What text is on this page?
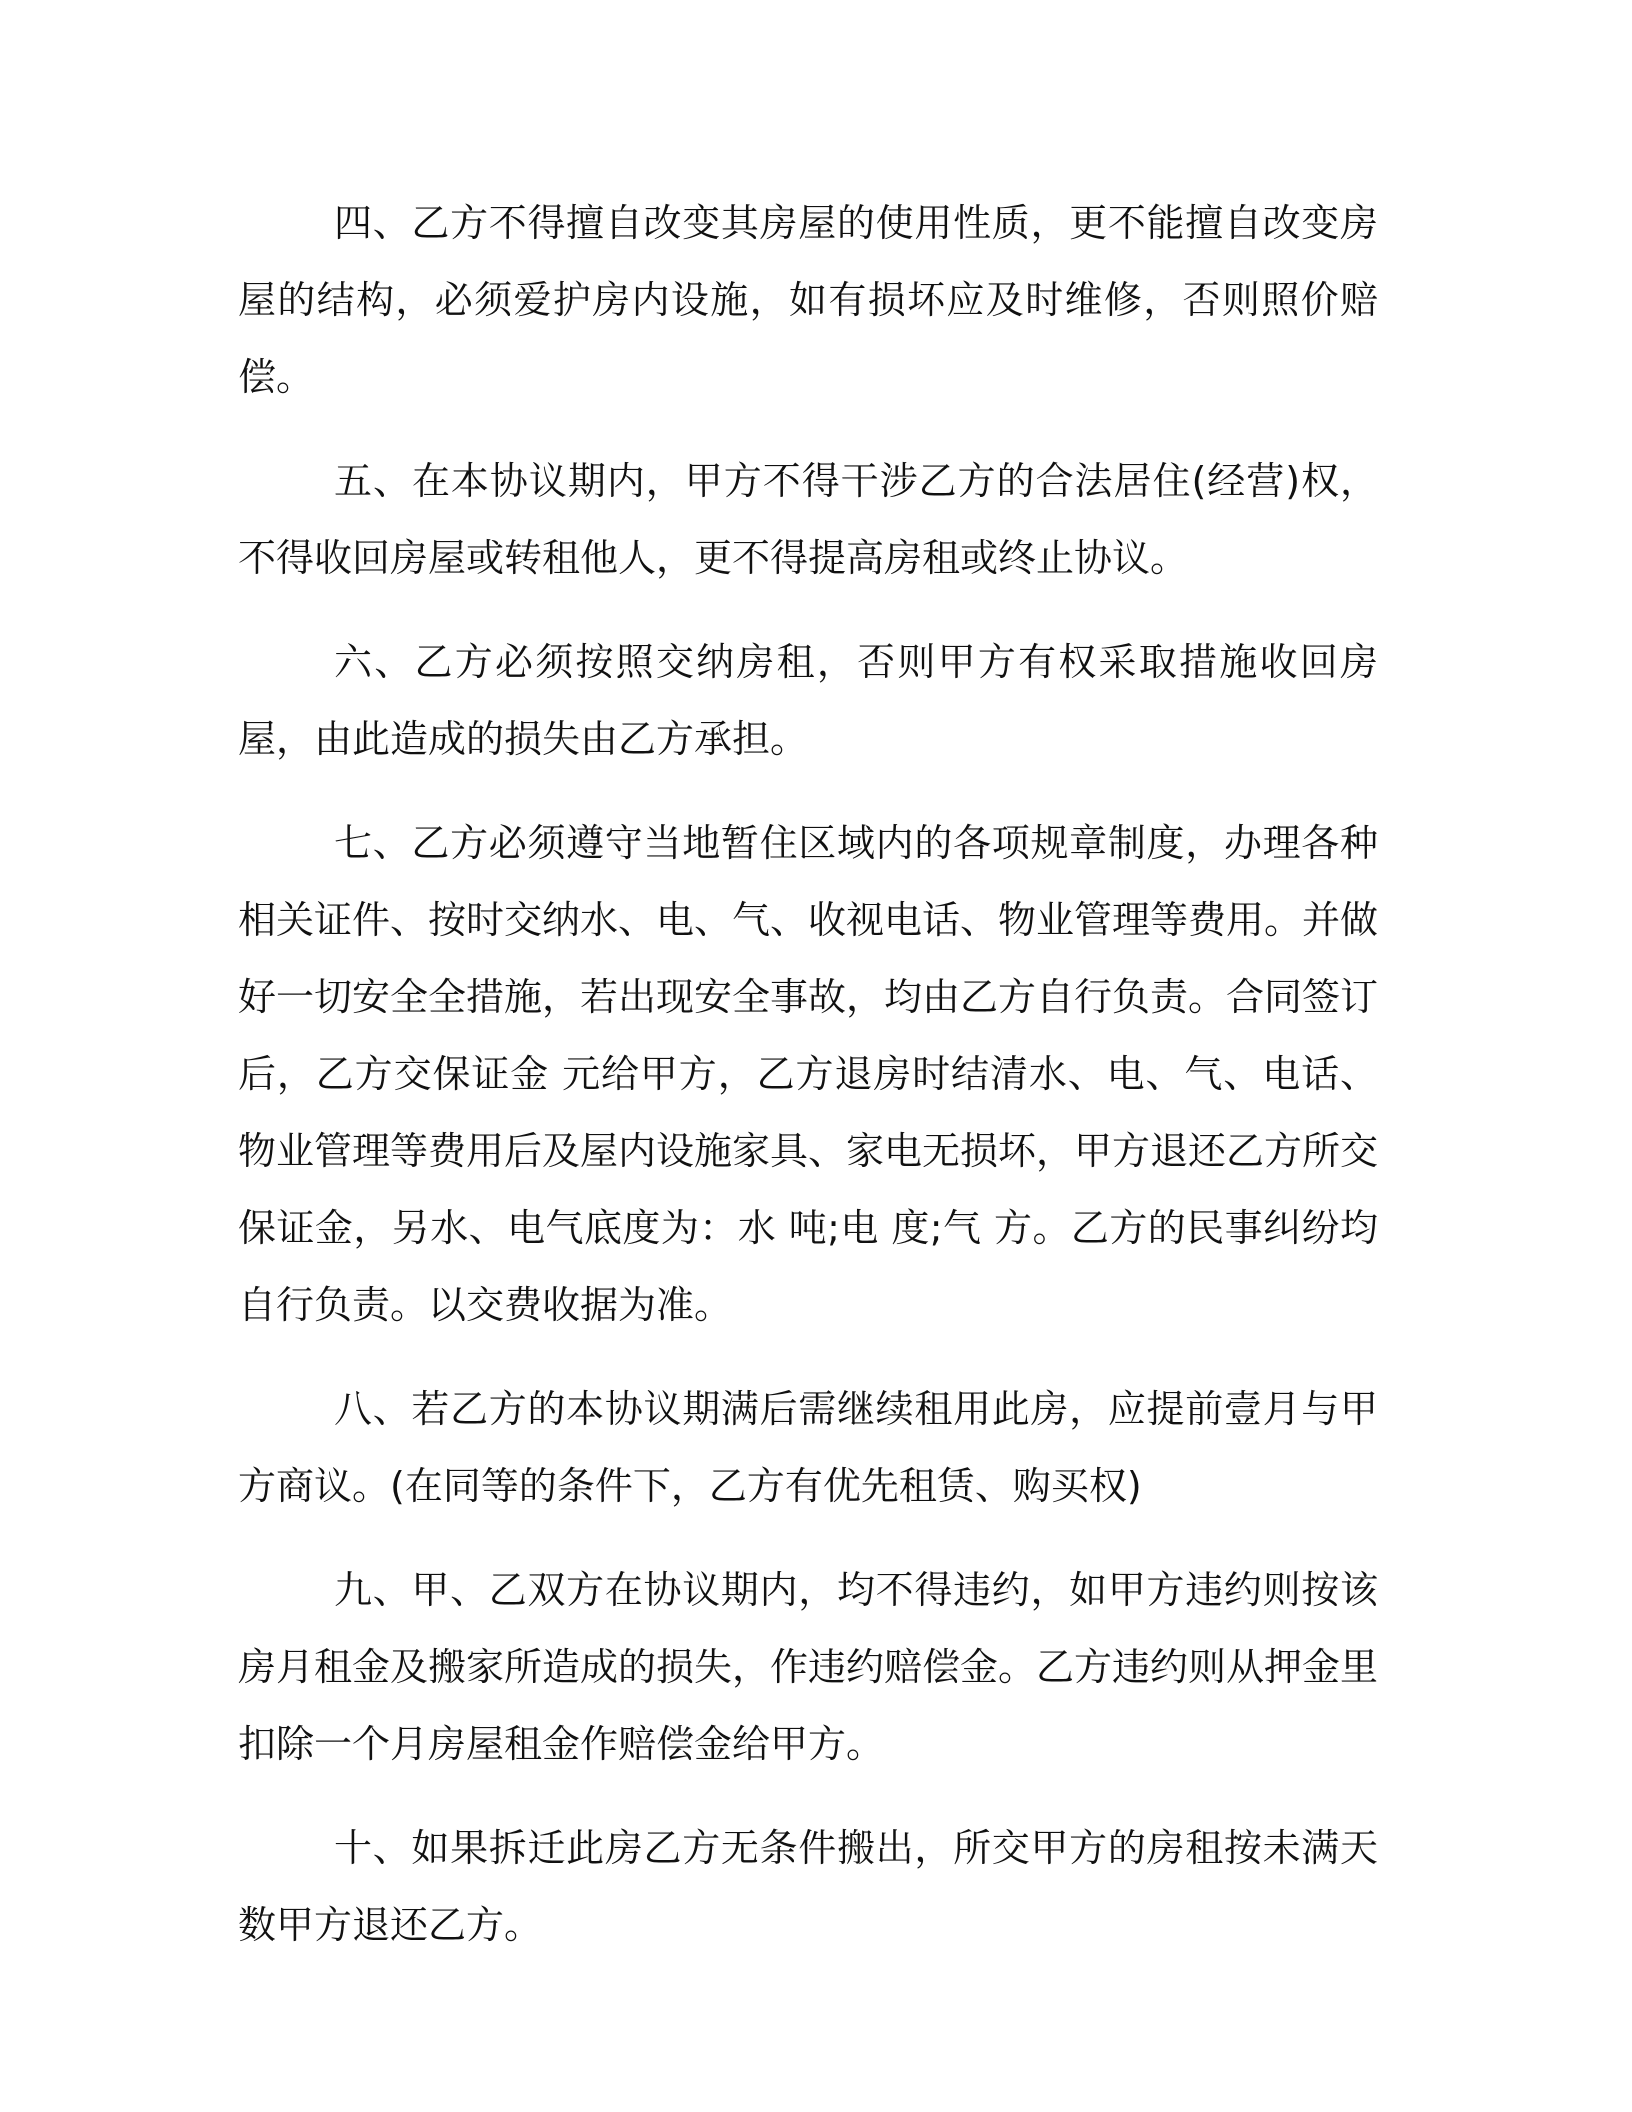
四、乙方不得擅自改变其房屋的使用性质，更不能擅自改变房屋的结构，必须爱护房内设施，如有损坏应及时维修，否则照价赔偿。

五、在本协议期内，甲方不得干涉乙方的合法居住(经营)权，不得收回房屋或转租他人，更不得提高房租或终止协议。

六、乙方必须按照交纳房租，否则甲方有权采取措施收回房屋，由此造成的损失由乙方承担。

七、乙方必须遵守当地暂住区域内的各项规章制度，办理各种相关证件、按时交纳水、电、气、收视电话、物业管理等费用。并做好一切安全全措施，若出现安全事故，均由乙方自行负责。合同签订后，乙方交保证金 元给甲方，乙方退房时结清水、电、气、电话、物业管理等费用后及屋内设施家具、家电无损坏，甲方退还乙方所交保证金，另水、电气底度为：水 吨;电 度;气 方。乙方的民事纠纷均自行负责。以交费收据为准。

八、若乙方的本协议期满后需继续租用此房，应提前壹月与甲方商议。(在同等的条件下，乙方有优先租赁、购买权)

九、甲、乙双方在协议期内，均不得违约，如甲方违约则按该房月租金及搬家所造成的损失，作违约赔偿金。乙方违约则从押金里扣除一个月房屋租金作赔偿金给甲方。

十、如果拆迁此房乙方无条件搬出，所交甲方的房租按未满天数甲方退还乙方。
